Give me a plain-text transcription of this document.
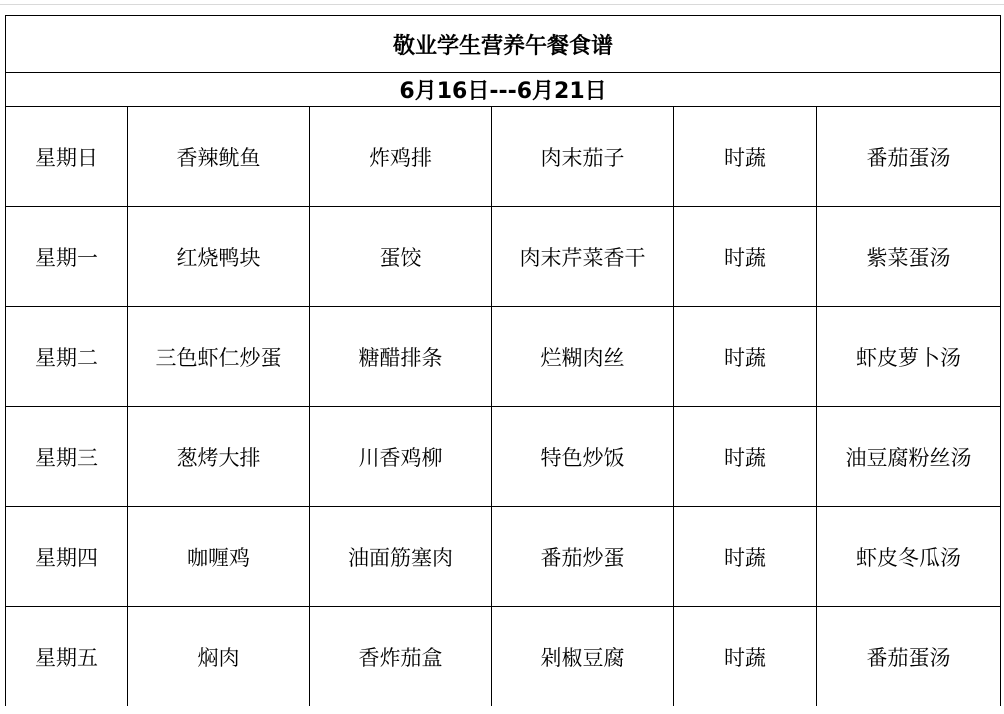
敬业学生营养午餐食谱					
6月16日---6月21日					
星期日	香辣鱿鱼	炸鸡排	肉末茄子	时蔬	番茄蛋汤
星期一	红烧鸭块	蛋饺	肉末芹菜香干	时蔬	紫菜蛋汤
星期二	三色虾仁炒蛋	糖醋排条	烂糊肉丝	时蔬	虾皮萝卜汤
星期三	葱烤大排	川香鸡柳	特色炒饭	时蔬	油豆腐粉丝汤
星期四	咖喱鸡	油面筋塞肉	番茄炒蛋	时蔬	虾皮冬瓜汤
星期五	焖肉	香炸茄盒	剁椒豆腐	时蔬	番茄蛋汤
